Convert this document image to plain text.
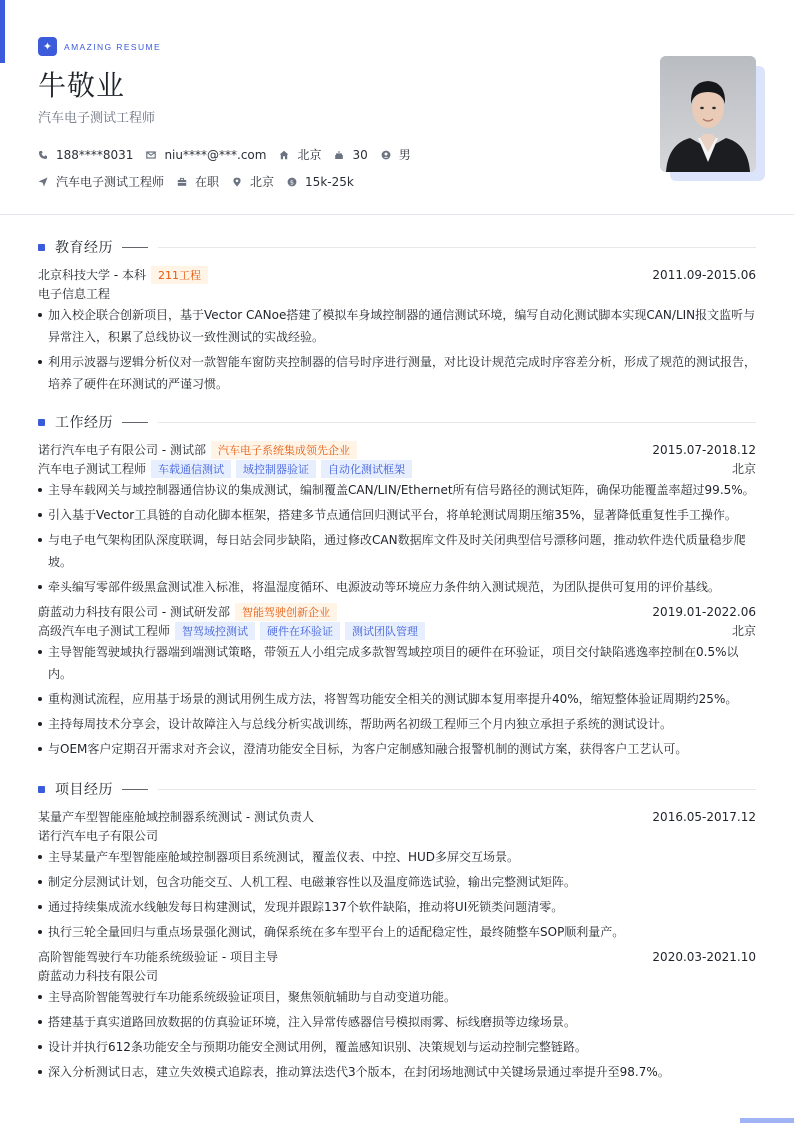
✦	AMAZING RESUME
牛敬业
汽车电子测试工程师
188****8031	niu****@***.com	北京	30	男
汽车电子测试工程师	在职	北京 $ 15k-25k
教育经历
北京科技大学 - 本科	211工程	2011.09-2015.06
电子信息工程
加入校企联合创新项目，基于Vector CANoe搭建了模拟车身域控制器的通信测试环境，编写自动化测试脚本实现CAN/LIN报文监听与异常注入，积累了总线协议一致性测试的实战经验。
利用示波器与逻辑分析仪对一款智能车窗防夹控制器的信号时序进行测量，对比设计规范完成时序容差分析，形成了规范的测试报告，培养了硬件在环测试的严谨习惯。
工作经历
诺行汽车电子有限公司 - 测试部	汽车电子系统集成领先企业	2015.07-2018.12
汽车电子测试工程师	车载通信测试	域控制器验证	自动化测试框架	北京
主导车载网关与域控制器通信协议的集成测试，编制覆盖CAN/LIN/Ethernet所有信号路径的测试矩阵，确保功能覆盖率超过99.5%。
引入基于Vector工具链的自动化脚本框架，搭建多节点通信回归测试平台，将单轮测试周期压缩35%，显著降低重复性手工操作。
与电子电气架构团队深度联调，每日站会同步缺陷，通过修改CAN数据库文件及时关闭典型信号漂移问题，推动软件迭代质量稳步爬坡。
牵头编写零部件级黑盒测试准入标准，将温湿度循环、电源波动等环境应力条件纳入测试规范，为团队提供可复用的评价基线。
蔚蓝动力科技有限公司 - 测试研发部	智能驾驶创新企业	2019.01-2022.06
高级汽车电子测试工程师	智驾域控测试	硬件在环验证	测试团队管理	北京
主导智能驾驶域执行器端到端测试策略，带领五人小组完成多款智驾域控项目的硬件在环验证，项目交付缺陷逃逸率控制在0.5%以内。
重构测试流程，应用基于场景的测试用例生成方法，将智驾功能安全相关的测试脚本复用率提升40%，缩短整体验证周期约25%。
主持每周技术分享会，设计故障注入与总线分析实战训练，帮助两名初级工程师三个月内独立承担子系统的测试设计。
与OEM客户定期召开需求对齐会议，澄清功能安全目标，为客户定制感知融合报警机制的测试方案，获得客户工艺认可。
项目经历
某量产车型智能座舱域控制器系统测试 - 测试负责人	2016.05-2017.12
诺行汽车电子有限公司
主导某量产车型智能座舱域控制器项目系统测试，覆盖仪表、中控、HUD多屏交互场景。
制定分层测试计划，包含功能交互、人机工程、电磁兼容性以及温度筛选试验，输出完整测试矩阵。
通过持续集成流水线触发每日构建测试，发现并跟踪137个软件缺陷，推动将UI死锁类问题清零。
执行三轮全量回归与重点场景强化测试，确保系统在多车型平台上的适配稳定性，最终随整车SOP顺利量产。
高阶智能驾驶行车功能系统级验证 - 项目主导	2020.03-2021.10
蔚蓝动力科技有限公司
主导高阶智能驾驶行车功能系统级验证项目，聚焦领航辅助与自动变道功能。
搭建基于真实道路回放数据的仿真验证环境，注入异常传感器信号模拟雨雾、标线磨损等边缘场景。
设计并执行612条功能安全与预期功能安全测试用例，覆盖感知识别、决策规划与运动控制完整链路。
深入分析测试日志，建立失效模式追踪表，推动算法迭代3个版本，在封闭场地测试中关键场景通过率提升至98.7%。
